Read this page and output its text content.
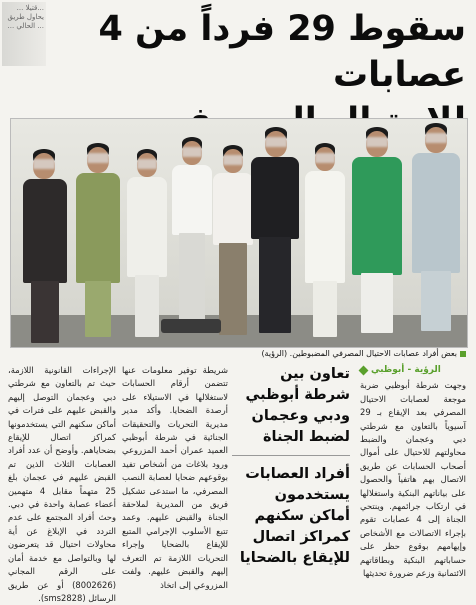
...قتيلا ... يحاول طريق ... الحالي ...	سقوط 29 فرداً من 4 عصابات
بعض أفراد عصابات الاحتيال المصرفي المضبوطين. (الرؤية)
الرؤية - أبوظبي

وجهت شرطة أبوظبي ضربة موجعة لعصابات الاحتيال المصرفي بعد الإيقاع بـ 29 آسيوياً بالتعاون مع شرطتي دبي وعجمان والضبط محاولتهم للاحتيال على أموال أصحاب الحسابات عن طريق الاتصال بهم هاتفياً والحصول على بياناتهم البنكية واستغلالها في ارتكاب جرائمهم. وينتحي الجناة إلى 4 عصابات تقوم بإجراء الاتصالات مع الأشخاص وإيهامهم بوقوع حظر على حساباتهم البنكية وبطاقاتهم الائتمانية وزعم ضرورة تحديثها

تعاون بين شرطة أبوظبي ودبي وعجمان لضبط الجناة
أفراد العصابات يستخدمون أماكن سكنهم كمراكز اتصال للإيقاع بالضحايا

شريطة توفير معلومات عنها تتضمن أرقام الحسابات لاستغلالها في الاستيلاء على أرصدة الضحايا. وأكد مدير مديرية التحريات والتحقيقات الجنائية في شرطة أبوظبي العميد عمران أحمد المزروعي ورود بلاغات من أشخاص تفيد بوقوعهم ضحايا لعصابة النصب المصرفي، ما استدعى تشكيل فريق من المديرية لملاحقة الجناة والقبض عليهم. وعمد تتبع الأسلوب الإجرامي المتبع للإيقاع بالضحايا وإجراء التحريات اللازمة تم التعرف إليهم والقبض عليهم. ولفت المزروعي إلى اتخاذ

الإجراءات القانونية اللازمة، حيث تم بالتعاون مع شرطتي دبي وعجمان التوصل إليهم والقبض عليهم على فترات في أماكن سكنهم التي يستخدمونها كمراكز اتصال للإيقاع بضحاياهم. وأوضح أن عدد أفراد العصابات الثلاث الذين تم القبض عليهم في عجمان بلغ 25 متهماً مقابل 4 متهمين أعضاء عصابة واحدة في دبي. وحث أفراد المجتمع على عدم التردد في الإبلاغ عن أية محاولات احتيال قد يتعرضون لها وبالتواصل مع خدمة أمان على الرقم المجاني (8002626) أو عن طريق الرسائل (sms2828).
